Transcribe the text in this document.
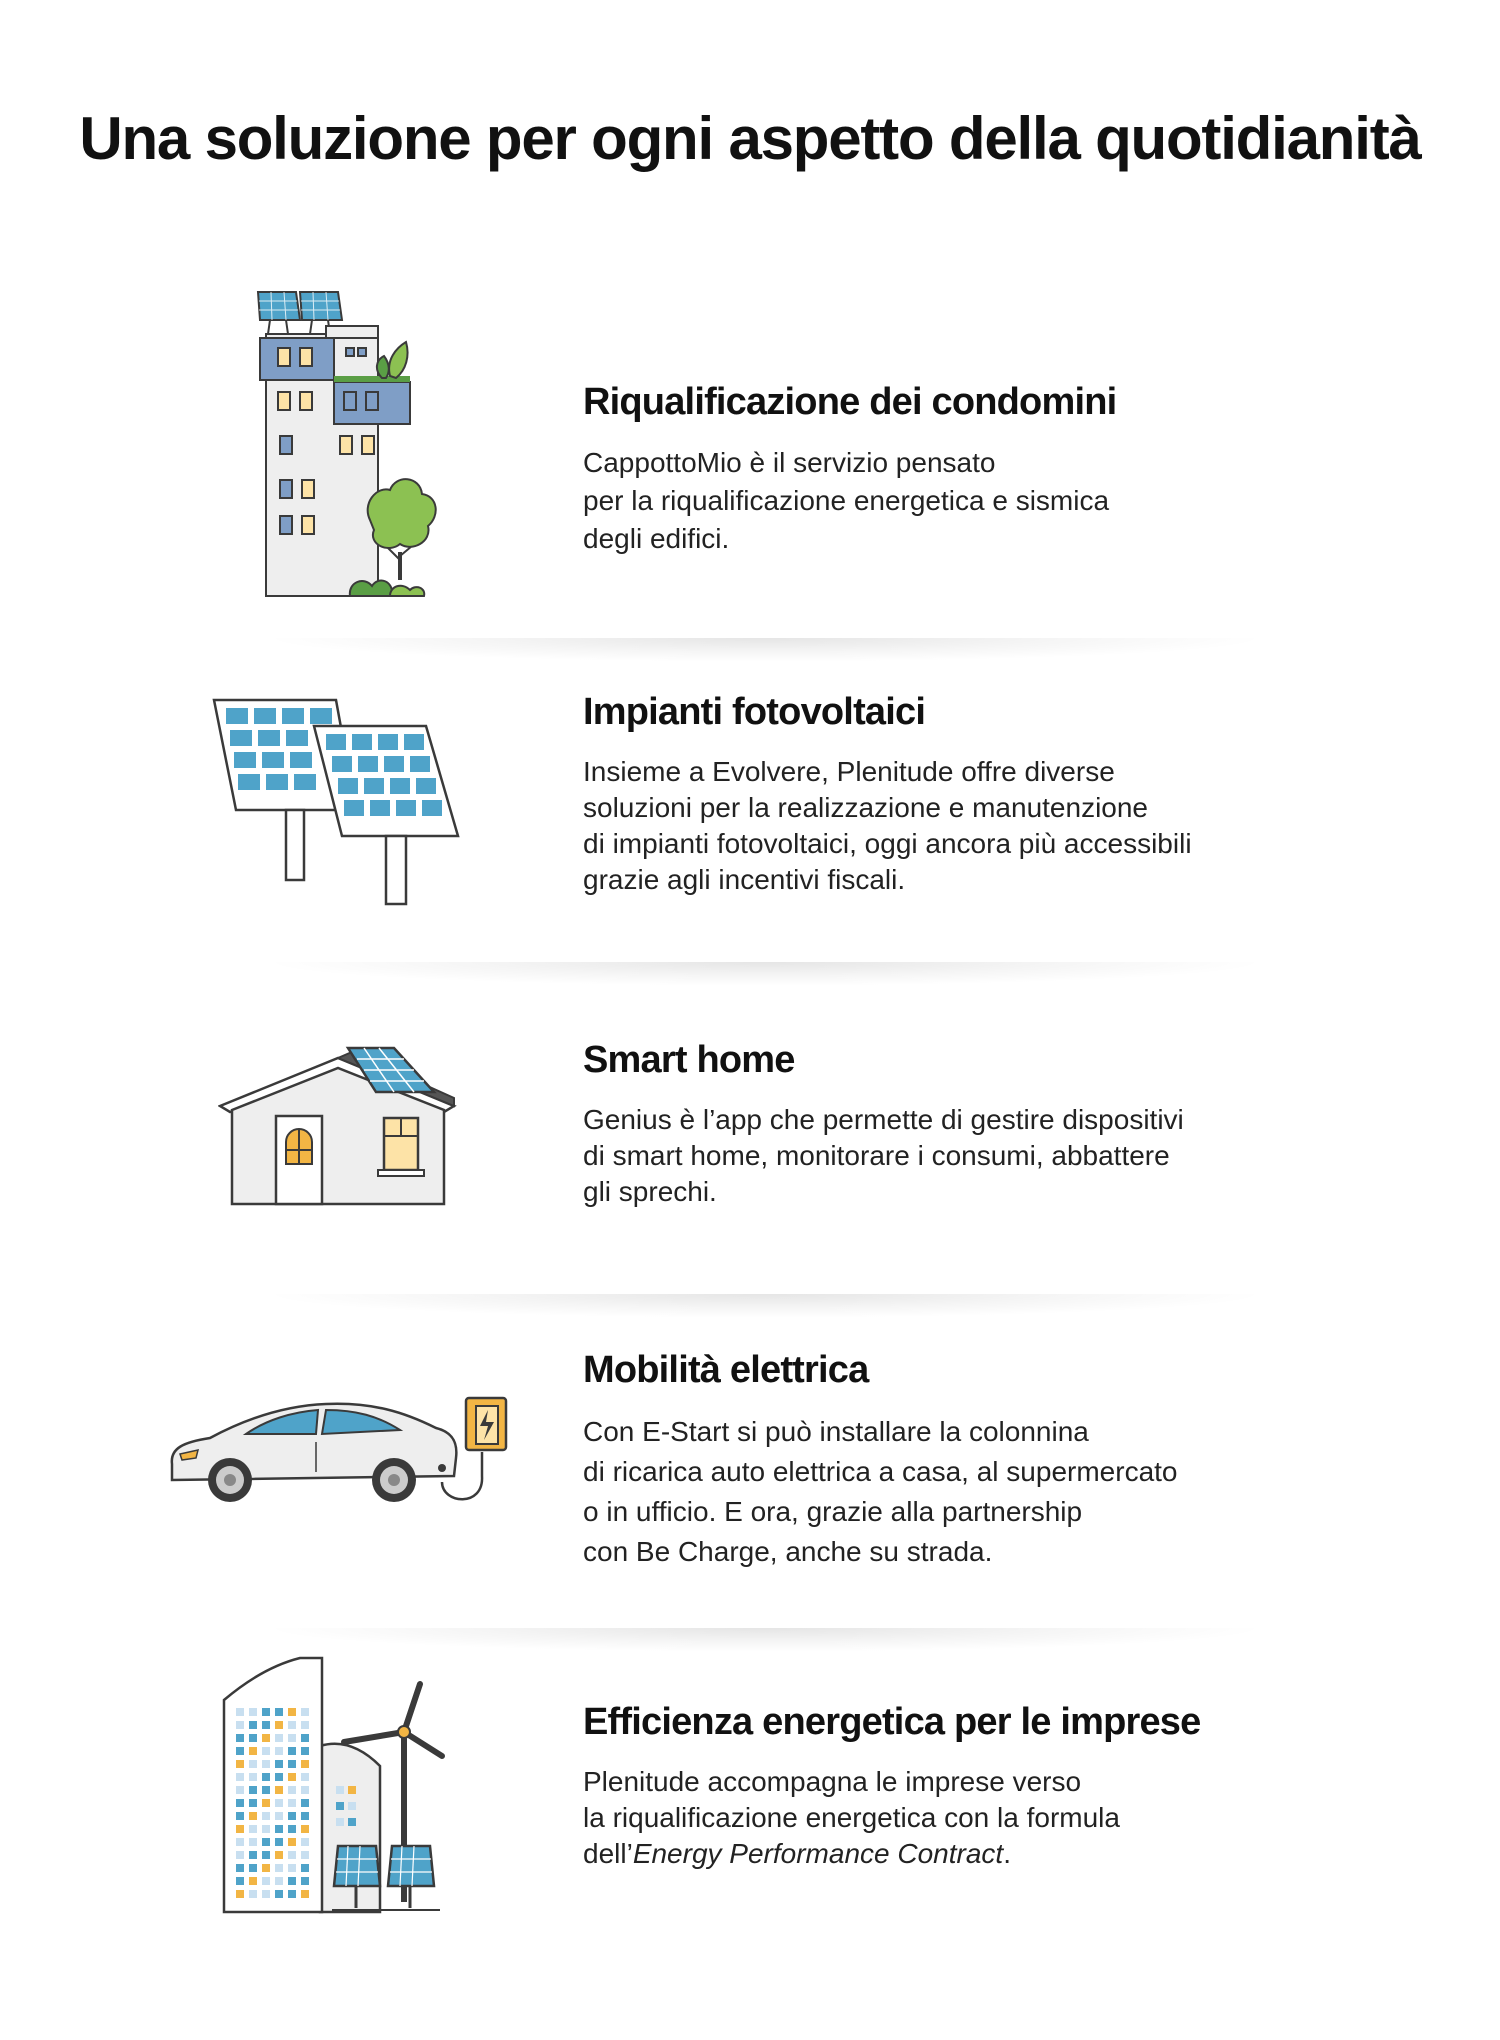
Una soluzione per ogni aspetto della quotidianità
Riqualificazione dei condomini

CappottoMio è il servizio pensato
per la riqualificazione energetica e sismica
degli edifici.

Impianti fotovoltaici

Insieme a Evolvere, Plenitude offre diverse
soluzioni per la realizzazione e manutenzione
di impianti fotovoltaici, oggi ancora più accessibili
grazie agli incentivi fiscali.

Smart home

Genius è l’app che permette di gestire dispositivi
di smart home, monitorare i consumi, abbattere
gli sprechi.

Mobilità elettrica

Con E-Start si può installare la colonnina
di ricarica auto elettrica a casa, al supermercato
o in ufficio. E ora, grazie alla partnership
con Be Charge, anche su strada.

Efficienza energetica per le imprese

Plenitude accompagna le imprese verso
la riqualificazione energetica con la formula
dell’Energy Performance Contract.
